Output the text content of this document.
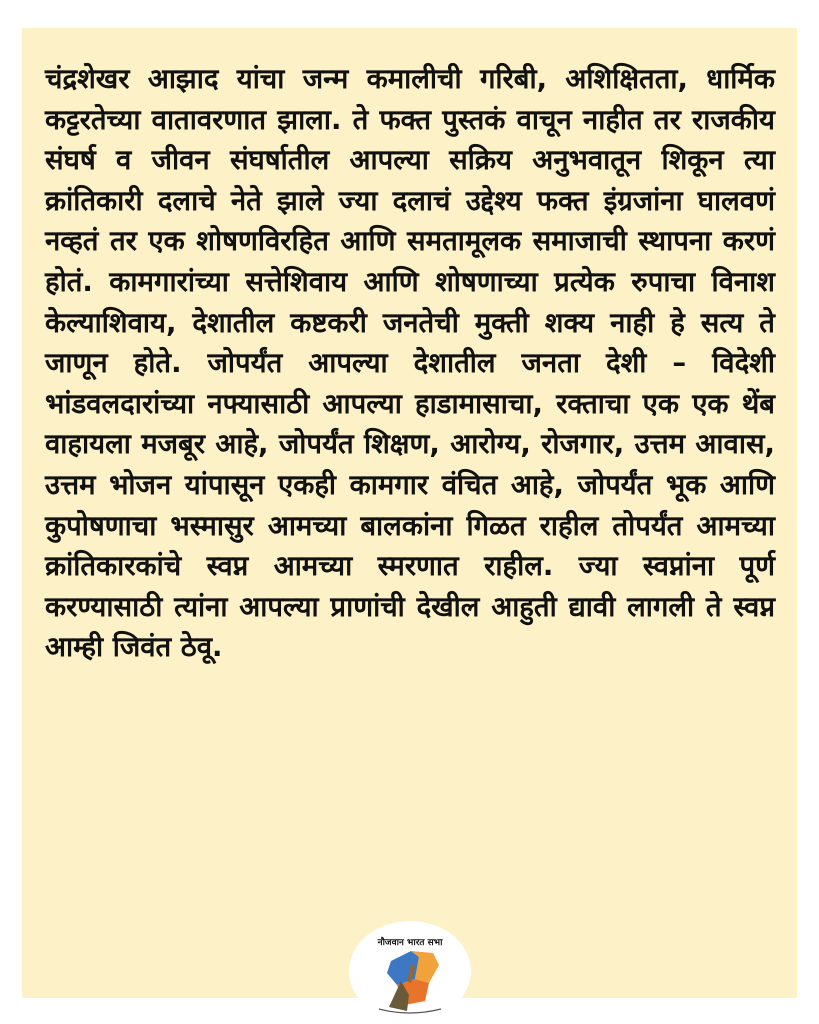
चंद्रशेखर आझाद यांचा जन्म कमालीची गरिबी, अशिक्षितता, धार्मिक कट्टरतेच्या वातावरणात झाला. ते फक्त पुस्तकं वाचून नाहीत तर राजकीय संघर्ष व जीवन संघर्षातील आपल्या सक्रिय अनुभवातून शिकून त्या क्रांतिकारी दलाचे नेते झाले ज्या दलाचं उद्देश्य फक्त इंग्रजांना घालवणं नव्हतं तर एक शोषणविरहित आणि समतामूलक समाजाची स्थापना करणं होतं. कामगारांच्या सत्तेशिवाय आणि शोषणाच्या प्रत्येक रुपाचा विनाश केल्याशिवाय, देशातील कष्टकरी जनतेची मुक्ती शक्य नाही हे सत्य ते जाणून होते. जोपर्यंत आपल्या देशातील जनता देशी – विदेशी भांडवलदारांच्या नफ्यासाठी आपल्या हाडामासाचा, रक्ताचा एक एक थेंब वाहायला मजबूर आहे, जोपर्यंत शिक्षण, आरोग्य, रोजगार, उत्तम आवास, उत्तम भोजन यांपासून एकही कामगार वंचित आहे, जोपर्यंत भूक आणि कुपोषणाचा भस्मासुर आमच्या बालकांना गिळत राहील तोपर्यंत आमच्या क्रांतिकारकांचे स्वप्न आमच्या स्मरणात राहील. ज्या स्वप्नांना पूर्ण करण्यासाठी त्यांना आपल्या प्राणांची देखील आहुती द्यावी लागली ते स्वप्न आम्ही जिवंत ठेवू.

नौजवान भारत सभा
